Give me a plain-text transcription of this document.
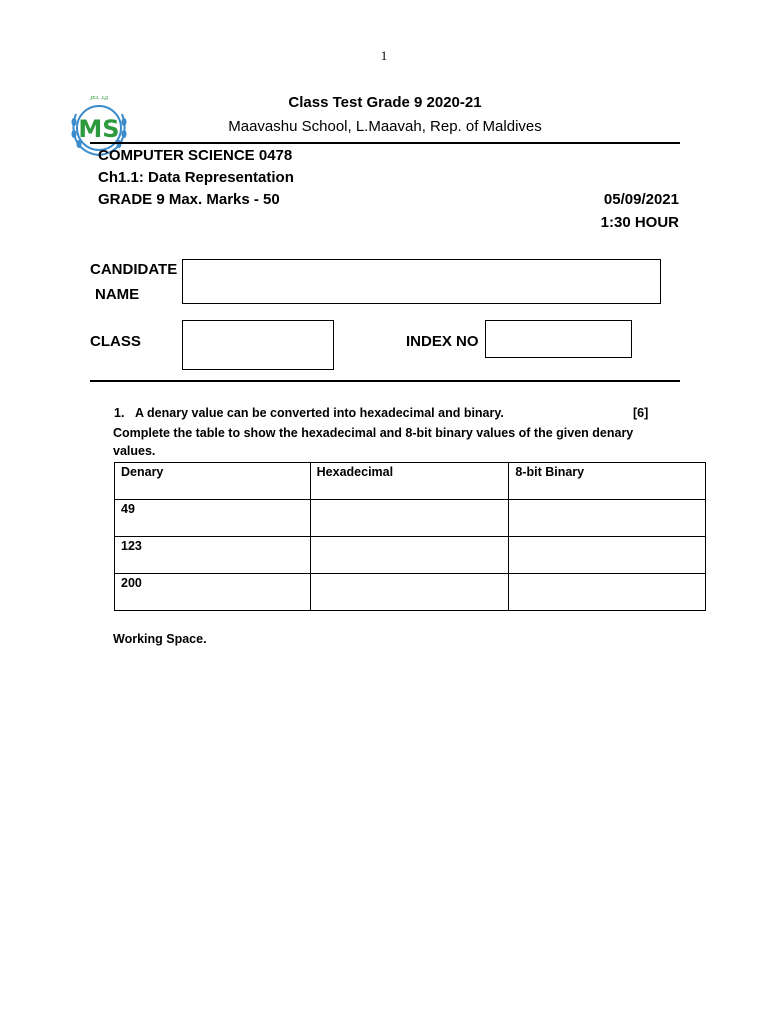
1
މާވަށު ސްކޫލް
MS
Class Test Grade 9 2020-21
Maavashu School, L.Maavah, Rep. of Maldives
COMPUTER SCIENCE 0478
Ch1.1: Data Representation
GRADE 9 Max. Marks - 50	05/09/2021
1:30 HOUR
CANDIDATE
NAME
CLASS	INDEX NO
1. A denary value can be converted into hexadecimal and binary.	[6]
Complete the table to show the hexadecimal and 8-bit binary values of the given denary
values.
Denary	Hexadecimal	8-bit Binary
49		
123		
200		
Working Space.
